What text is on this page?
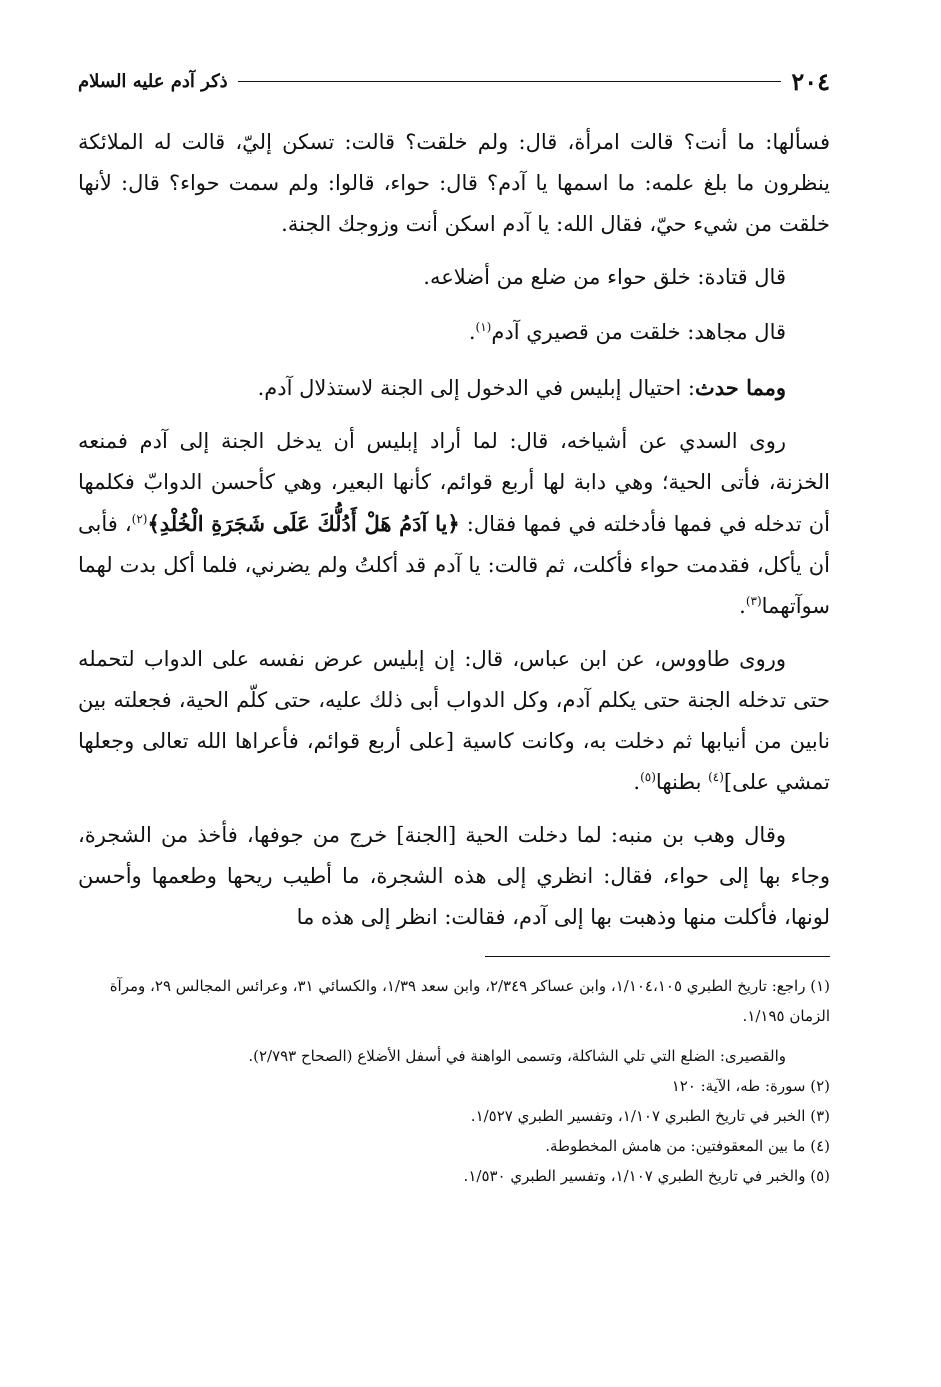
٢٠٤
ذكر آدم عليه السلام

فسألها: ما أنت؟ قالت امرأة، قال: ولم خلقت؟ قالت: تسكن إليّ، قالت له الملائكة ينظرون ما بلغ علمه: ما اسمها يا آدم؟ قال: حواء، قالوا: ولم سمت حواء؟ قال: لأنها خلقت من شيء حيّ، فقال الله: يا آدم اسكن أنت وزوجك الجنة.

قال قتادة: خلق حواء من ضلع من أضلاعه.

قال مجاهد: خلقت من قصيري آدم$^{(١)}$.

ومما حدث: احتيال إبليس في الدخول إلى الجنة لاستذلال آدم.

روى السدي عن أشياخه، قال: لما أراد إبليس أن يدخل الجنة إلى آدم فمنعه الخزنة، فأتى الحية؛ وهي دابة لها أربع قوائم، كأنها البعير، وهي كأحسن الدوابّ فكلمها أن تدخله في فمها فأدخلته في فمها فقال: ﴿يا آدَمُ هَلْ أَدُلُّكَ عَلَى شَجَرَةِ الْخُلْدِ﴾$^{(٢)}$، فأبى أن يأكل، فقدمت حواء فأكلت، ثم قالت: يا آدم قد أكلتُ ولم يضرني، فلما أكل بدت لهما سوآتهما$^{(٣)}$.

وروى طاووس، عن ابن عباس، قال: إن إبليس عرض نفسه على الدواب لتحمله حتى تدخله الجنة حتى يكلم آدم، وكل الدواب أبى ذلك عليه، حتى كلّم الحية، فجعلته بين نابين من أنيابها ثم دخلت به، وكانت كاسية [على أربع قوائم، فأعراها الله تعالى وجعلها تمشي على]$^{(٤)}$ بطنها$^{(٥)}$.

وقال وهب بن منبه: لما دخلت الحية [الجنة] خرج من جوفها، فأخذ من الشجرة، وجاء بها إلى حواء، فقال: انظري إلى هذه الشجرة، ما أطيب ريحها وطعمها وأحسن لونها، فأكلت منها وذهبت بها إلى آدم، فقالت: انظر إلى هذه ما

(١) راجع: تاريخ الطبري ١/١٠٤،١٠٥، وابن عساكر ٢/٣٤٩، وابن سعد ١/٣٩، والكسائي ٣١، وعرائس المجالس ٢٩، ومرآة الزمان ١/١٩٥.

والقصيرى: الضلع التي تلي الشاكلة، وتسمى الواهنة في أسفل الأضلاع (الصحاح ٢/٧٩٣).

(٢) سورة: طه، الآية: ١٢٠

(٣) الخبر في تاريخ الطبري ١/١٠٧، وتفسير الطبري ١/٥٢٧.

(٤) ما بين المعقوفتين: من هامش المخطوطة.

(٥) والخبر في تاريخ الطبري ١/١٠٧، وتفسير الطبري ١/٥٣٠.
